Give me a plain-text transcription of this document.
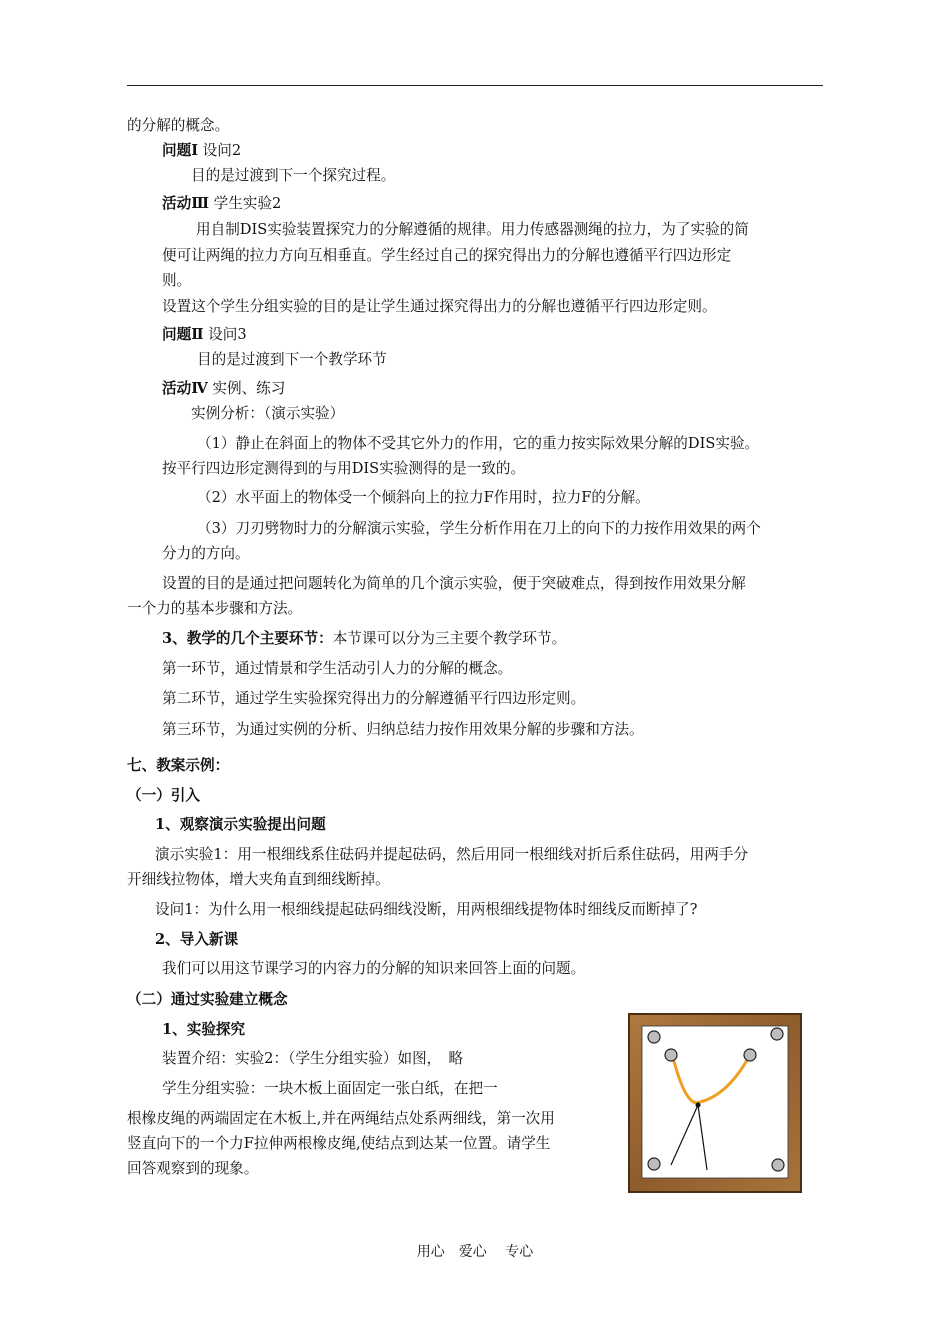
的分解的概念。
问题Ⅰ 设问2
目的是过渡到下一个探究过程。
活动Ⅲ 学生实验2
用自制DIS实验装置探究力的分解遵循的规律。用力传感器测绳的拉力，为了实验的简
便可让两绳的拉力方向互相垂直。学生经过自己的探究得出力的分解也遵循平行四边形定
则。
设置这个学生分组实验的目的是让学生通过探究得出力的分解也遵循平行四边形定则。
问题Ⅱ 设问3
目的是过渡到下一个教学环节
活动Ⅳ 实例、练习
实例分析：（演示实验）
（1）静止在斜面上的物体不受其它外力的作用，它的重力按实际效果分解的DIS实验。
按平行四边形定测得到的与用DIS实验测得的是一致的。
（2）水平面上的物体受一个倾斜向上的拉力F作用时，拉力F的分解。
（3）刀刃劈物时力的分解演示实验，学生分析作用在刀上的向下的力按作用效果的两个
分力的方向。
设置的目的是通过把问题转化为简单的几个演示实验，便于突破难点，得到按作用效果分解
一个力的基本步骤和方法。
3、教学的几个主要环节：本节课可以分为三主要个教学环节。
第一环节，通过情景和学生活动引人力的分解的概念。
第二环节，通过学生实验探究得出力的分解遵循平行四边形定则。
第三环节，为通过实例的分析、归纳总结力按作用效果分解的步骤和方法。
七、教案示例：
（一）引入
1、观察演示实验提出问题
演示实验1：用一根细线系住砝码并提起砝码，然后用同一根细线对折后系住砝码，用两手分
开细线拉物体，增大夹角直到细线断掉。
设问1：为什么用一根细线提起砝码细线没断，用两根细线提物体时细线反而断掉了?
2、导入新课
我们可以用这节课学习的内容力的分解的知识来回答上面的问题。
（二）通过实验建立概念
1、实验探究
装置介绍：实验2：（学生分组实验）如图，　略
学生分组实验：一块木板上面固定一张白纸，在把一
根橡皮绳的两端固定在木板上,并在两绳结点处系两细线，第一次用
竖直向下的一个力F拉伸两根橡皮绳,使结点到达某一位置。请学生
回答观察到的现象。
用心　爱心　 专心
